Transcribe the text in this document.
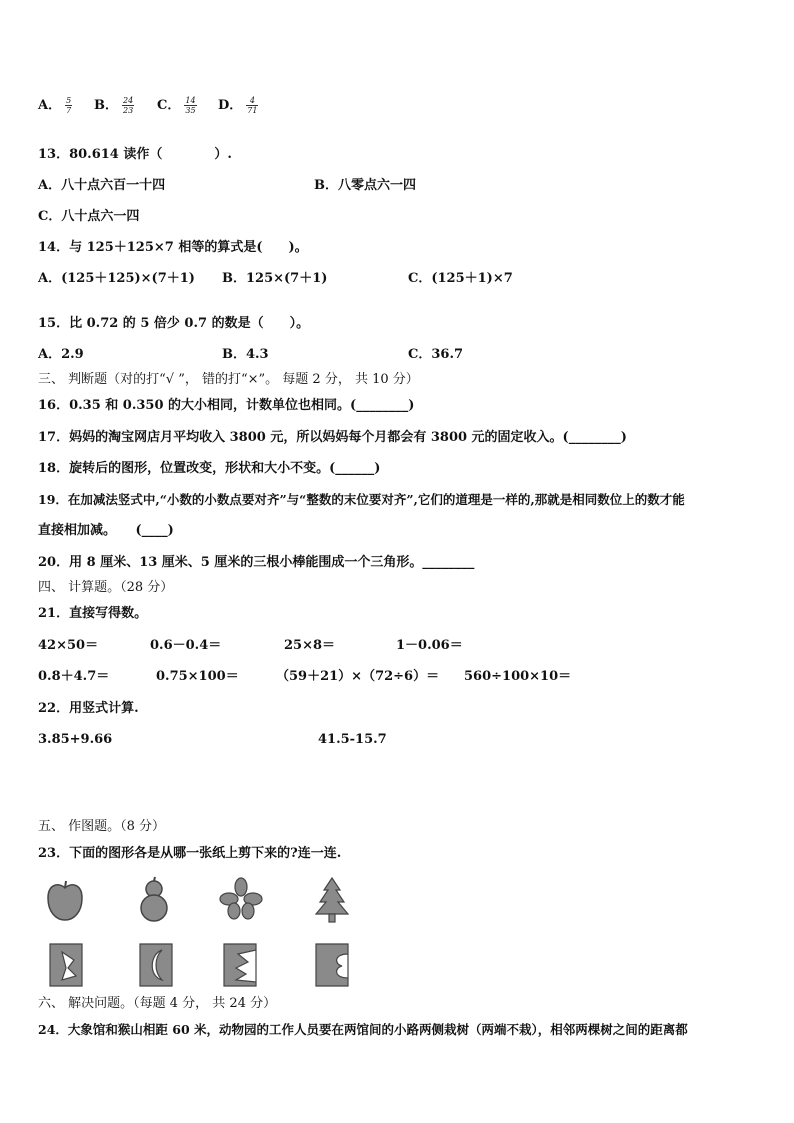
A． $\frac{5}{7}$ B． $\frac{24}{23}$ C． $\frac{14}{35}$ D． $\frac{4}{71}$
13．80.614 读作（　　　　）.
A．八十点六百一十四	B．八零点六一四
C．八十点六一四
14．与 125＋125×7 相等的算式是(　　)。
A．(125＋125)×(7＋1) B．125×(7＋1)	C．(125＋1)×7
15．比 0.72 的 5 倍少 0.7 的数是（　　）。
A．2.9	B．4.3	C．36.7
三、 判断题（对的打“√ ”， 错的打“×”。 每题 2 分， 共 10 分）
16．0.35 和 0.350 的大小相同，计数单位也相同。(________)
17．妈妈的淘宝网店月平均收入 3800 元，所以妈妈每个月都会有 3800 元的固定收入。(________)
18．旋转后的图形，位置改变，形状和大小不变。(______)
19．在加减法竖式中,“小数的小数点要对齐”与“整数的末位要对齐”,它们的道理是一样的,那就是相同数位上的数才能
直接相加减。　　(____)
20．用 8 厘米、13 厘米、5 厘米的三根小棒能围成一个三角形。________
四、 计算题。（28 分）
21．直接写得数。
42×50＝	0.6－0.4＝	25×8＝	1－0.06＝
0.8＋4.7＝	0.75×100＝	（59＋21）×（72÷6）＝ 560÷100×10＝
22．用竖式计算.
3.85+9.66	41.5-15.7
五、 作图题。（8 分）
23．下面的图形各是从哪一张纸上剪下来的?连一连.
六、 解决问题。（每题 4 分， 共 24 分）
24．大象馆和猴山相距 60 米，动物园的工作人员要在两馆间的小路两侧栽树（两端不栽），相邻两棵树之间的距离都
